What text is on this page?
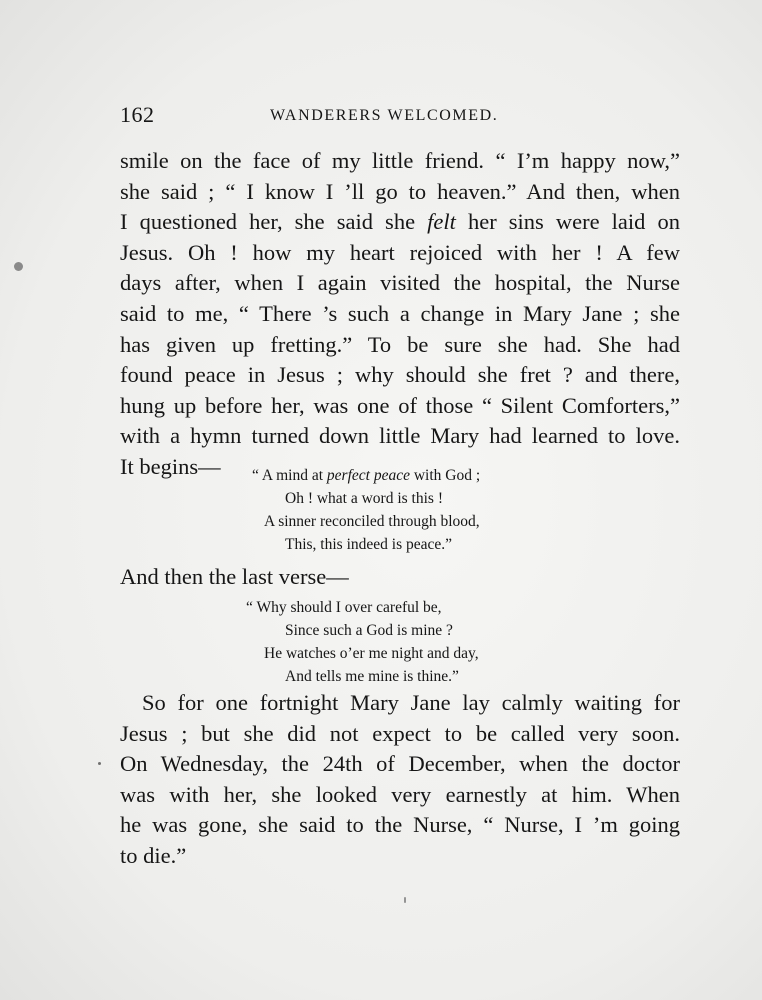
162	WANDERERS WELCOMED.
smile on the face of my little friend. “ I’m happy now,”
she said ; “ I know I ’ll go to heaven.” And then, when
I questioned her, she said she felt her sins were laid on
Jesus. Oh ! how my heart rejoiced with her ! A few
days after, when I again visited the hospital, the Nurse
said to me, “ There ’s such a change in Mary Jane ; she
has given up fretting.” To be sure she had. She had
found peace in Jesus ; why should she fret ? and there,
hung up before her, was one of those “ Silent Comforters,”
with a hymn turned down little Mary had learned to love.
It begins—	“ A mind at perfect peace with God ;
Oh ! what a word is this !
A sinner reconciled through blood,
This, this indeed is peace.”
And then the last verse—
“ Why should I over careful be,
Since such a God is mine ?
He watches o’er me night and day,
And tells me mine is thine.”
So for one fortnight Mary Jane lay calmly waiting for
Jesus ; but she did not expect to be called very soon.
On Wednesday, the 24th of December, when the doctor
was with her, she looked very earnestly at him. When
he was gone, she said to the Nurse, “ Nurse, I ’m going
to die.”
